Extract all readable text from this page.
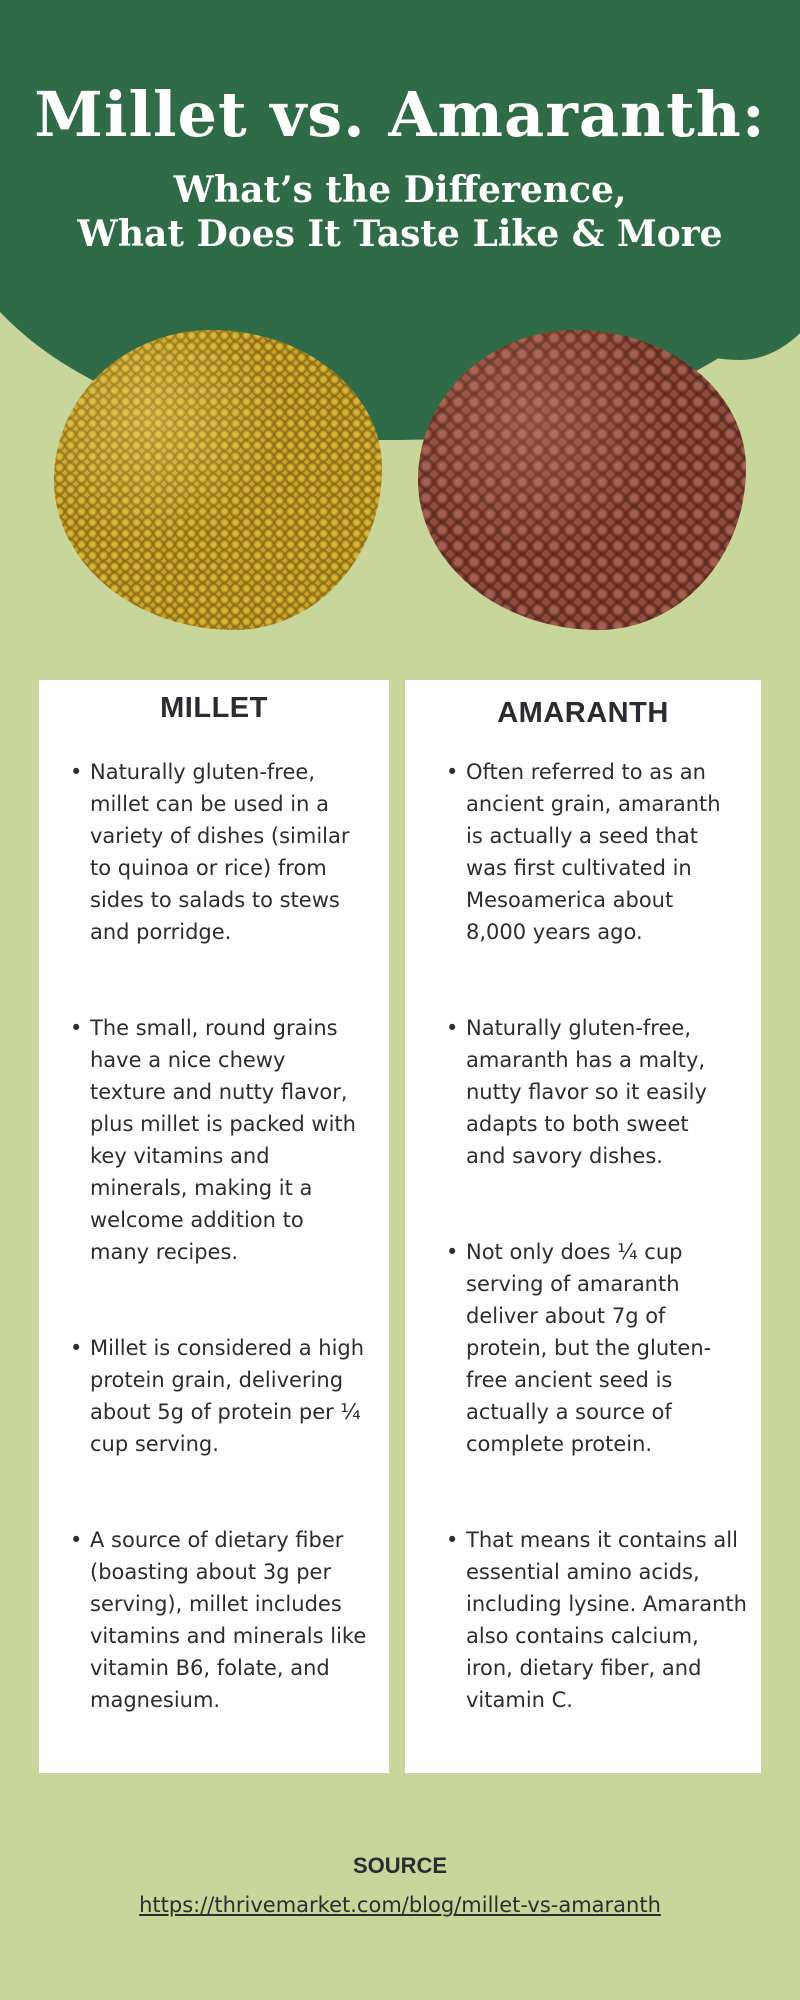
Millet vs. Amaranth:
What’s the Difference,
What Does It Taste Like & More
MILLET	AMARANTH

• Naturally gluten-free, millet can be used in a variety of dishes (similar to quinoa or rice) from sides to salads to stews and porridge.

• The small, round grains have a nice chewy texture and nutty flavor, plus millet is packed with key vitamins and minerals, making it a welcome addition to many recipes.

• Millet is considered a high protein grain, delivering about 5g of protein per ¼ cup serving.

• A source of dietary fiber (boasting about 3g per serving), millet includes vitamins and minerals like vitamin B6, folate, and magnesium.

• Often referred to as an ancient grain, amaranth is actually a seed that was first cultivated in Mesoamerica about 8,000 years ago.

• Naturally gluten-free, amaranth has a malty, nutty flavor so it easily adapts to both sweet and savory dishes.

• Not only does ¼ cup serving of amaranth deliver about 7g of protein, but the gluten-free ancient seed is actually a source of complete protein.

• That means it contains all essential amino acids, including lysine. Amaranth also contains calcium, iron, dietary fiber, and vitamin C.

SOURCE

https://thrivemarket.com/blog/millet-vs-amaranth
